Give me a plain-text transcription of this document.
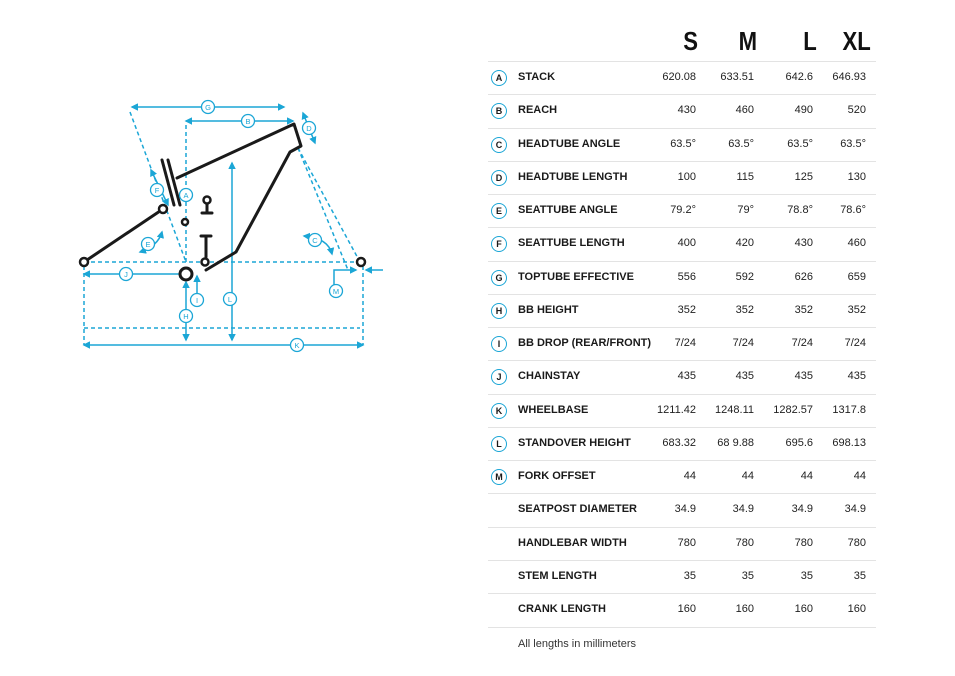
G
B
D
F
A
E	C
J
M
I
H
L
K
S M L XL
A	STACK	620.08	633.51	642.6	646.93
B	REACH	430	460	490	520
C	HEADTUBE ANGLE	63.5°	63.5°	63.5°	63.5°
D	HEADTUBE LENGTH	100	115	125	130
E	SEATTUBE ANGLE	79.2°	79°	78.8°	78.6°
F	SEATTUBE LENGTH	400	420	430	460
G	TOPTUBE EFFECTIVE	556	592	626	659
H	BB HEIGHT	352	352	352	352
I	BB DROP (REAR/FRONT)	7/24	7/24	7/24	7/24
J	CHAINSTAY	435	435	435	435
K	WHEELBASE	1211.42	1248.11	1282.57	1317.8
L	STANDOVER HEIGHT	683.32	68 9.88	695.6	698.13
M	FORK OFFSET	44	44	44	44
SEATPOST DIAMETER	34.9	34.9	34.9	34.9
HANDLEBAR WIDTH	780	780	780	780
STEM LENGTH	35	35	35	35
CRANK LENGTH	160	160	160	160
All lengths in millimeters
